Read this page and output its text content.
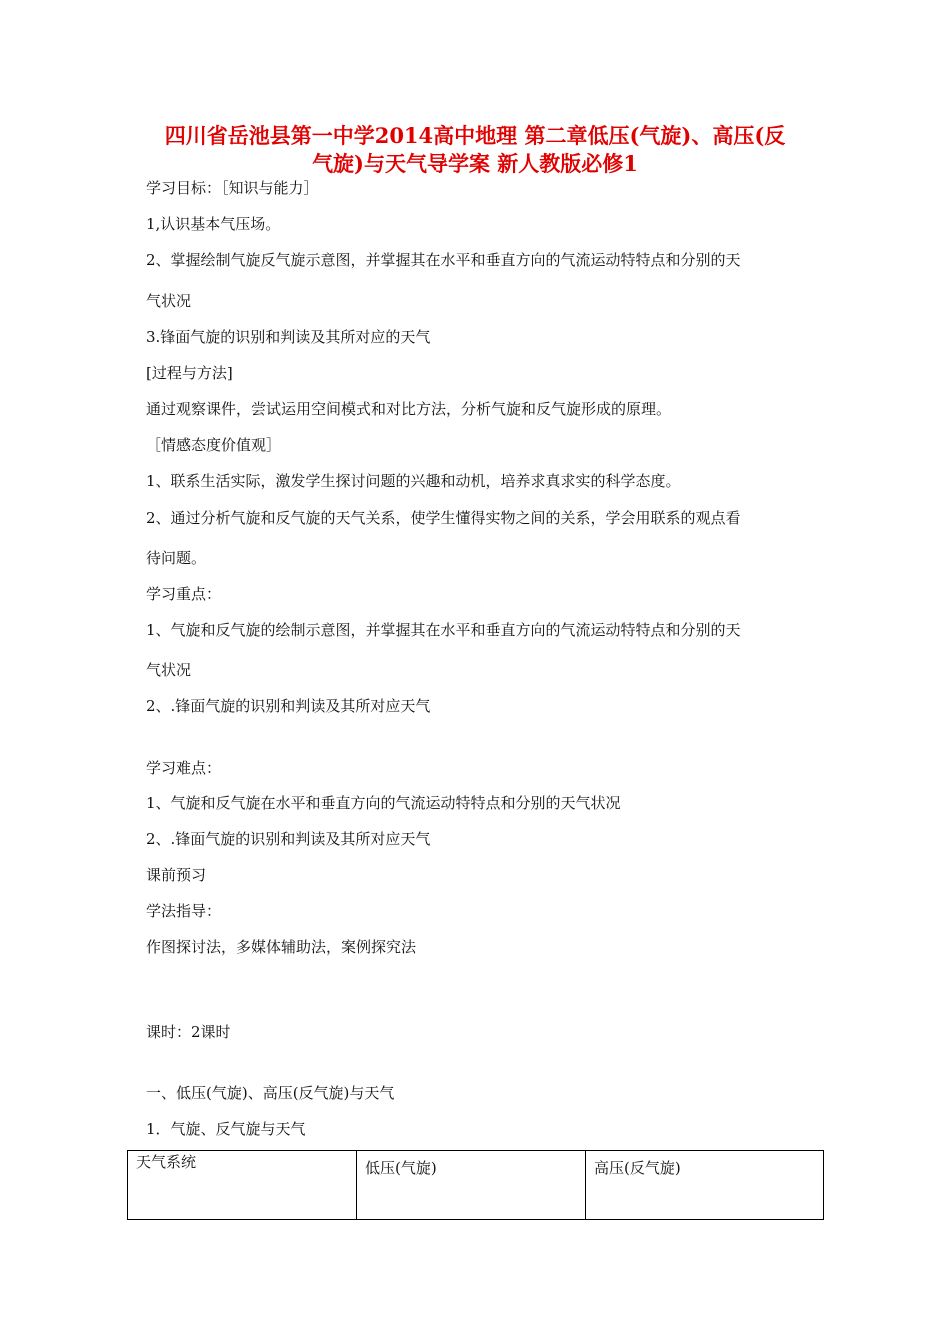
四川省岳池县第一中学2014高中地理 第二章低压(气旋)、高压(反
气旋)与天气导学案 新人教版必修1
学习目标：［知识与能力］
1,认识基本气压场。
2、掌握绘制气旋反气旋示意图，并掌握其在水平和垂直方向的气流运动特特点和分别的天
气状况
3.锋面气旋的识别和判读及其所对应的天气
[过程与方法]
通过观察课件，尝试运用空间模式和对比方法，分析气旋和反气旋形成的原理。
［情感态度价值观］
1、联系生活实际，激发学生探讨问题的兴趣和动机，培养求真求实的科学态度。
2、通过分析气旋和反气旋的天气关系，使学生懂得实物之间的关系，学会用联系的观点看
待问题。
学习重点：
1、气旋和反气旋的绘制示意图，并掌握其在水平和垂直方向的气流运动特特点和分别的天
气状况
2、.锋面气旋的识别和判读及其所对应天气
学习难点：
1、气旋和反气旋在水平和垂直方向的气流运动特特点和分别的天气状况
2、.锋面气旋的识别和判读及其所对应天气
课前预习
学法指导：
作图探讨法，多媒体辅助法，案例探究法
课时：2课时
一、低压(气旋)、高压(反气旋)与天气
1．气旋、反气旋与天气
天气系统	低压(气旋)	高压(反气旋)
